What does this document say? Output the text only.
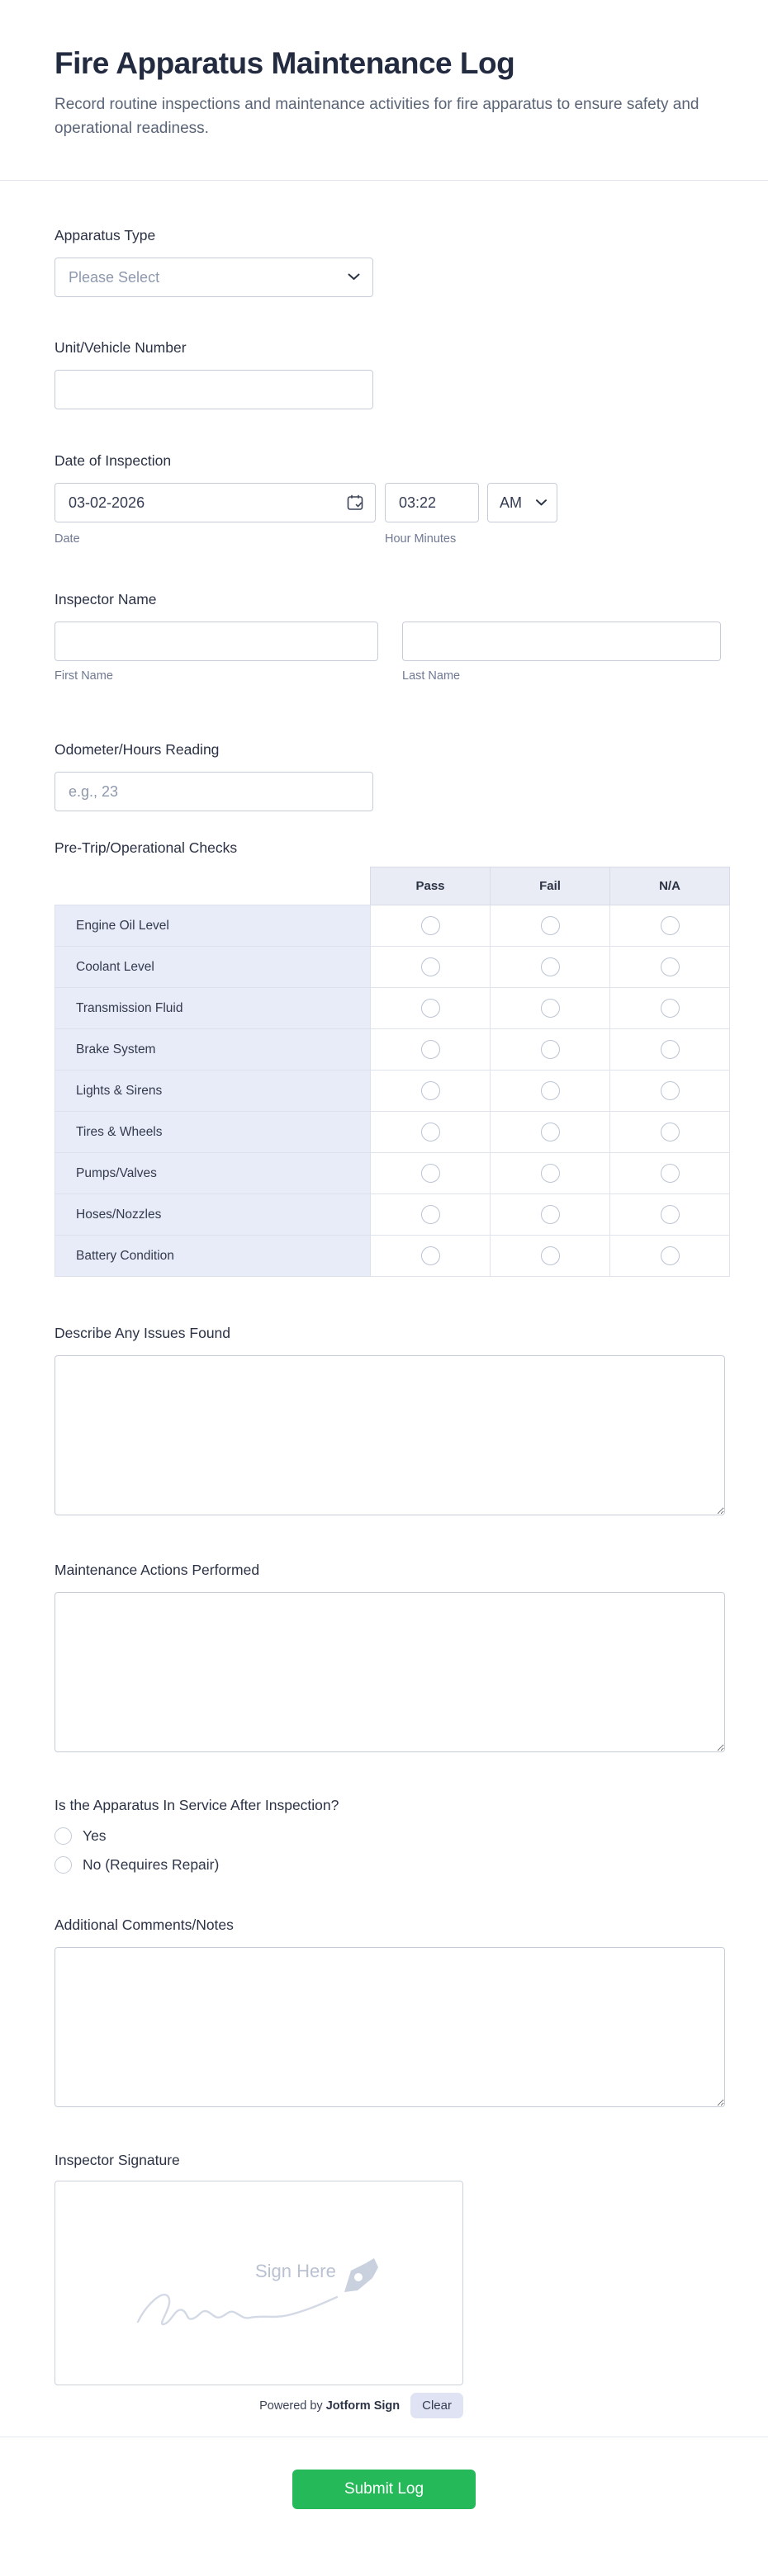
Fire Apparatus Maintenance Log

Record routine inspections and maintenance activities for fire apparatus to ensure safety and operational readiness.

Apparatus Type
Please Select
Unit/Vehicle Number
Date of Inspection
03-02-2026
03:22
AM
Date	Hour Minutes
Inspector Name
First Name	Last Name
Odometer/Hours Reading
e.g., 23
Pre-Trip/Operational Checks
	Pass	Fail	N/A
Engine Oil Level			
Coolant Level			
Transmission Fluid			
Brake System			
Lights & Sirens			
Tires & Wheels			
Pumps/Valves			
Hoses/Nozzles			
Battery Condition			
Describe Any Issues Found
Maintenance Actions Performed
Is the Apparatus In Service After Inspection?
Yes
No (Requires Repair)
Additional Comments/Notes
Inspector Signature
Sign Here
Powered by Jotform Sign	Clear
Submit Log
